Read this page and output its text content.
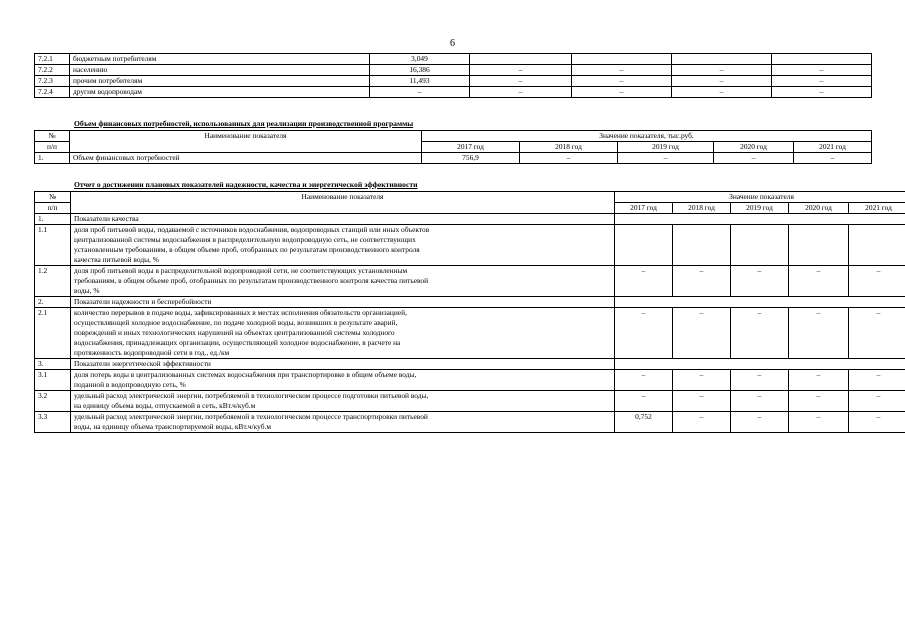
6
7.2.1	бюджетным потребителям	3,049				
7.2.2	населению	16,386	–	–	–	–
7.2.3	прочим потребителям	11,493	–	–	–	–
7.2.4	другим водопроводам	–	–	–	–	–
Объем финансовых потребностей, использованных для реализации производственной программы
№	Наименование показателя	Значение показателя, тыс.руб.				
п/п		2017 год	2018 год	2019 год	2020 год	2021 год
1.	Объем финансовых потребностей	756,9	–	–	–	–
Отчет о достижении плановых показателей надежности, качества и энергетической эффективности
№	Наименование показателя	Значение показателя				
п/п		2017 год	2018 год	2019 год	2020 год	2021 год
1.	Показатели качества					
1.1	доля проб питьевой воды, подаваемой с источников водоснабжения, водопроводных станций или иных объектов
централизованной системы водоснабжения в распределительную водопроводную сеть, не соответствующих
установленным требованиям, в общем объеме проб, отобранных по результатам производственного контроля
качества питьевой воды, %					

1.2	доля проб питьевой воды в распределительной водопроводной сети, не соответствующих установленным
требованиям, в общем объеме проб, отобранных по результатам производственного контроля качества питьевой
воды, %	–	–	–	–	–
2.	Показатели надежности и бесперебойности					
2.1	количество перерывов в подаче воды, зафиксированных в местах исполнения обязательств организацией,
осуществляющей холодное водоснабжение, по подаче холодной воды, возникших в результате аварий,
повреждений и иных технологических нарушений на объектах централизованной системы холодного
водоснабжения, принадлежащих организации, осуществляющей холодное водоснабжение, в расчете на
протяженность водопроводной сети в год., ед./км	–	–	–	–	–
3.	Показатели энергетической эффективности					
3.1	доля потерь воды в централизованных системах водоснабжения при транспортировке в общем объеме воды,
поданной в водопроводную сеть, %	–	–	–	–	–
3.2	удельный расход электрической энергии, потребляемой в технологическом процессе подготовки питьевой воды,
на единицу объема воды, отпускаемой в сеть, кВт.ч/куб.м	–	–	–	–	–
3.3	удельный расход электрической энергии, потребляемой в технологическом процессе транспортировки питьевой
воды, на единицу объема транспортируемой воды, кВт.ч/куб.м	0,752	–	–	–	–
